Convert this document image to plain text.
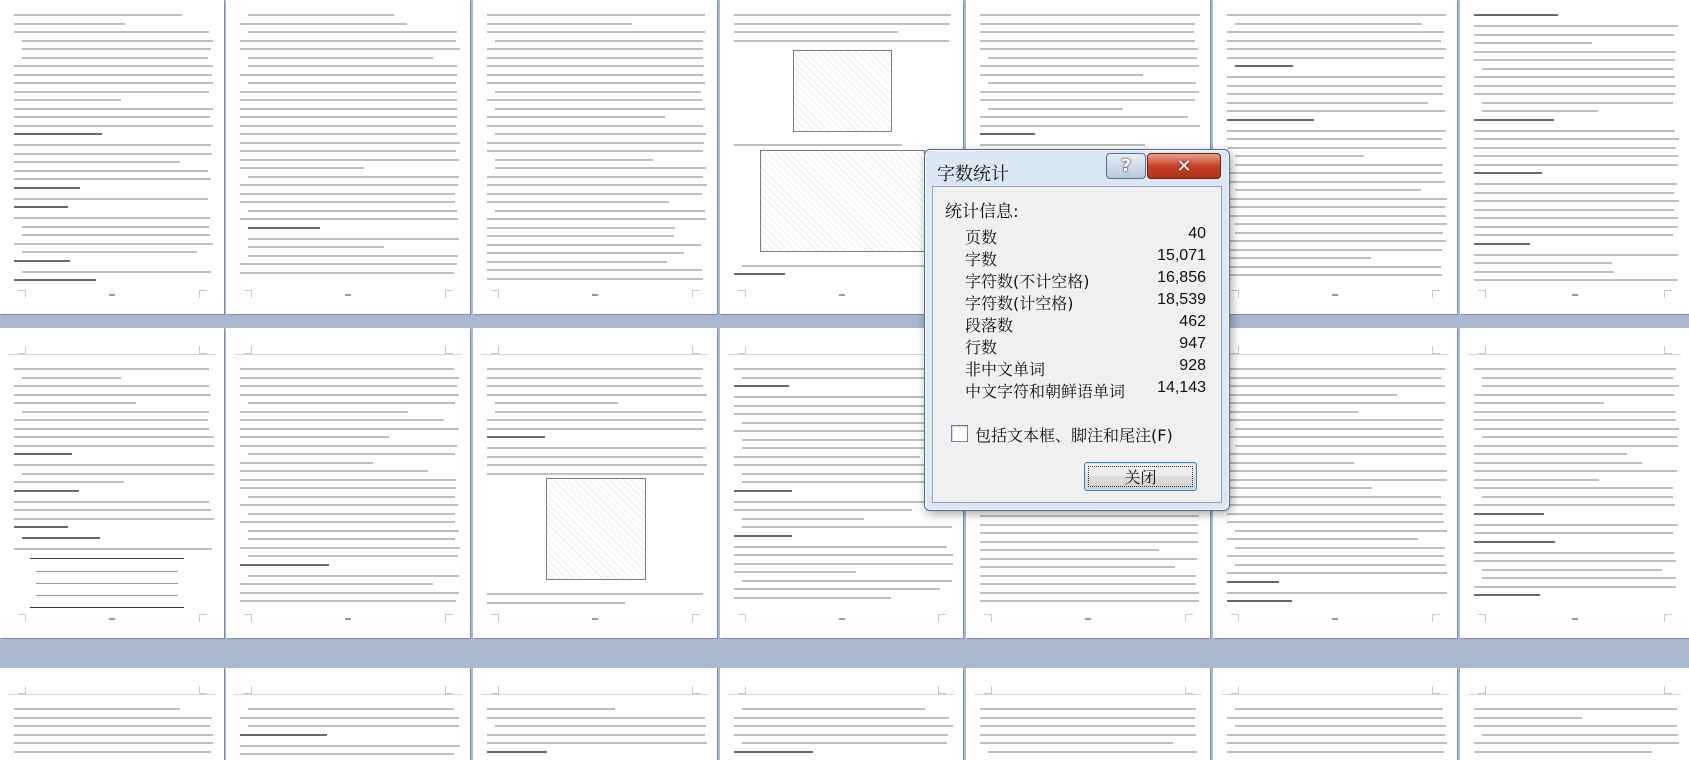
字数统计	?	✕
统计信息:
页数	40
字数	15,071
字符数(不计空格)	16,856
字符数(计空格)	18,539
段落数	462
行数	947
非中文单词	928
中文字符和朝鲜语单词 14,143
包括文本框、脚注和尾注(F)
关闭
